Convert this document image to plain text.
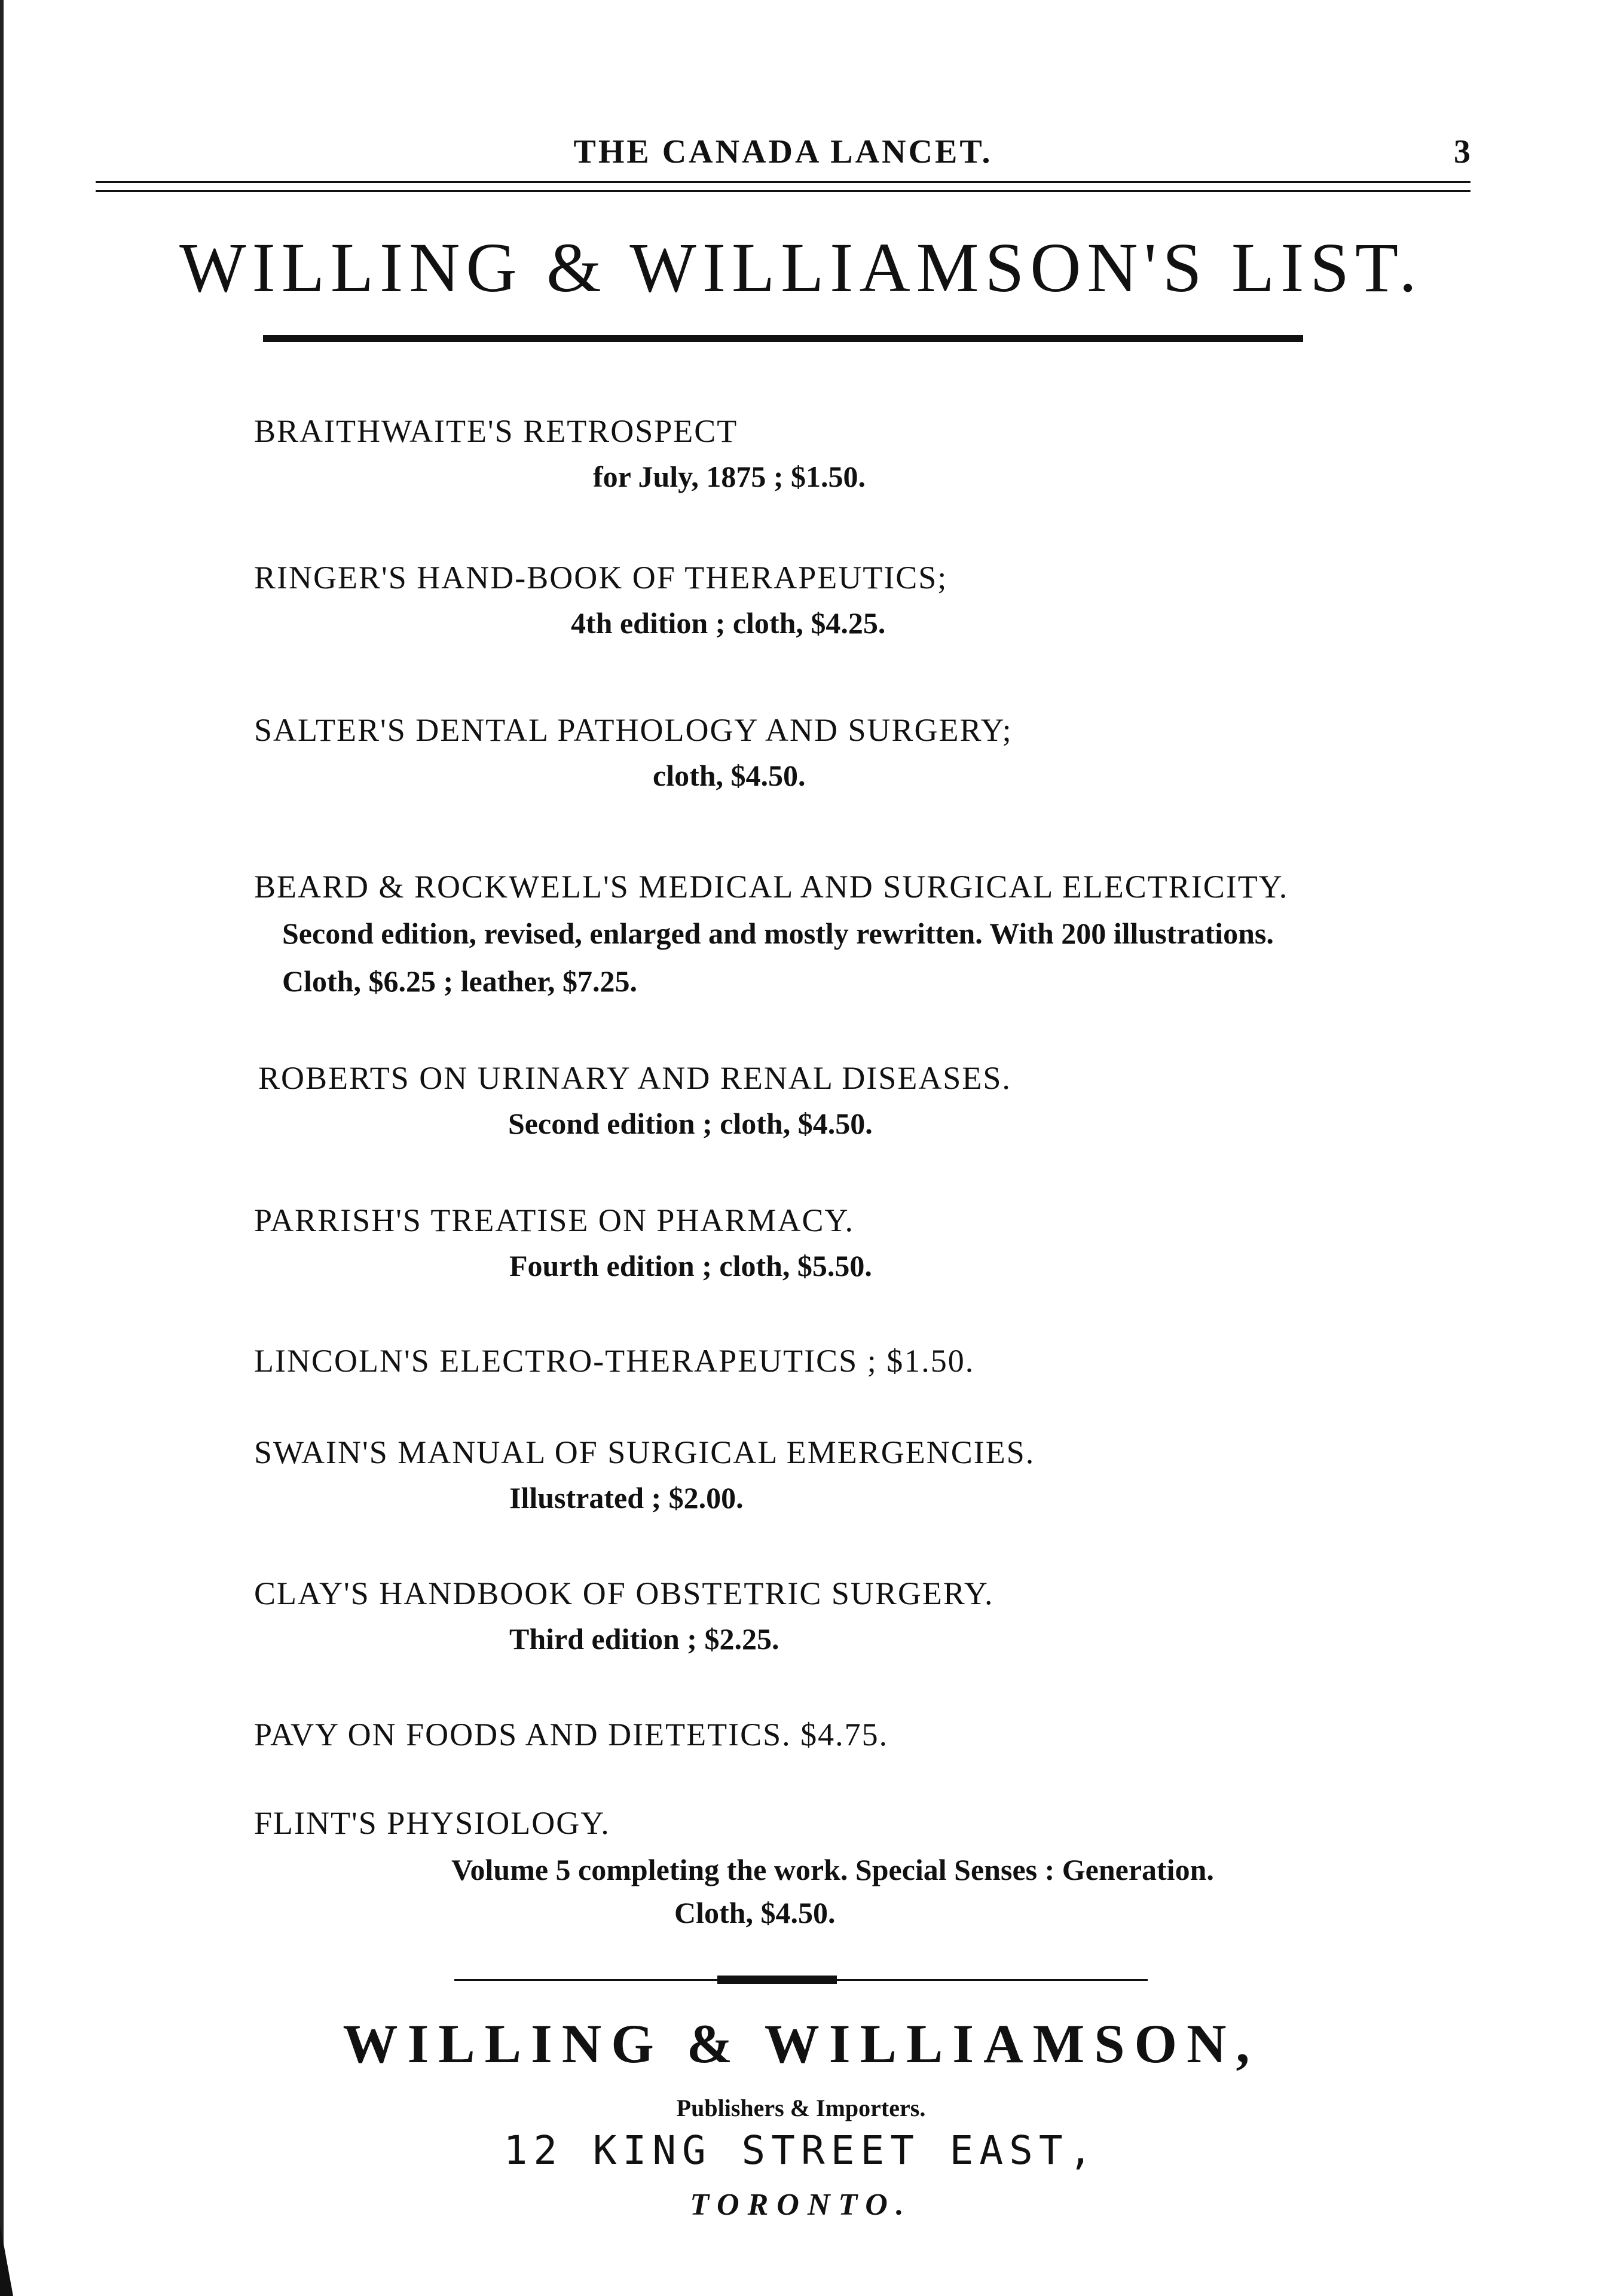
THE CANADA LANCET.	3
WILLING & WILLIAMSON'S LIST.
BRAITHWAITE'S RETROSPECT
for July, 1875 ; $1.50.
RINGER'S HAND-BOOK OF THERAPEUTICS;
4th edition ; cloth, $4.25.
SALTER'S DENTAL PATHOLOGY AND SURGERY;
cloth, $4.50.
BEARD & ROCKWELL'S MEDICAL AND SURGICAL ELECTRICITY.
Second edition, revised, enlarged and mostly rewritten. With 200 illustrations.
Cloth, $6.25 ; leather, $7.25.
ROBERTS ON URINARY AND RENAL DISEASES.
Second edition ; cloth, $4.50.
PARRISH'S TREATISE ON PHARMACY.
Fourth edition ; cloth, $5.50.
LINCOLN'S ELECTRO-THERAPEUTICS ; $1.50.
SWAIN'S MANUAL OF SURGICAL EMERGENCIES.
Illustrated ; $2.00.
CLAY'S HANDBOOK OF OBSTETRIC SURGERY.
Third edition ; $2.25.
PAVY ON FOODS AND DIETETICS. $4.75.
FLINT'S PHYSIOLOGY.
Volume 5 completing the work. Special Senses : Generation.
Cloth, $4.50.
WILLING & WILLIAMSON,
Publishers & Importers.
12 KING STREET EAST,
TORONTO.
